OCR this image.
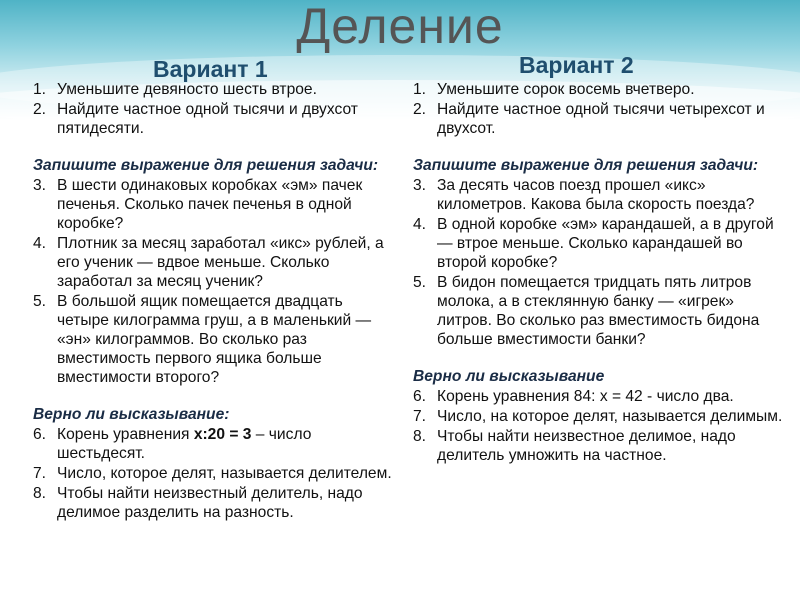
Деление
Вариант 1	Вариант 2
1. Уменьшите девяносто шесть втрое.
2. Найдите частное одной тысячи и двухсот пятидесяти.
Запишите выражение для решения задачи:
3. В шести одинаковых коробках «эм» пачек печенья. Сколько пачек печенья в одной коробке?
4. Плотник за месяц заработал «икс» рублей, а его ученик — вдвое меньше. Сколько заработал за месяц ученик?
5. В большой ящик помещается двадцать четыре килограмма груш, а в маленький — «эн» килограммов. Во сколько раз вместимость первого ящика больше вместимости второго?
Верно ли высказывание:
6. Корень уравнения x:20 = 3 – число шестьдесят.
7. Число, которое делят, называется делителем.
8. Чтобы найти неизвестный делитель, надо делимое разделить на разность.
1. Уменьшите сорок восемь вчетверо.
2. Найдите частное одной тысячи четырехсот и двухсот.
Запишите выражение для решения задачи:
3. За десять часов поезд прошел «икс» километров. Какова была скорость поезда?
4. В одной коробке «эм» карандашей, а в другой — втрое меньше. Сколько карандашей во второй коробке?
5. В бидон помещается тридцать пять литров молока, а в стеклянную банку — «игрек» литров. Во сколько раз вместимость бидона больше вместимости банки?
Верно ли высказывание
6. Корень уравнения 84: x = 42 - число два.
7. Число, на которое делят, называется делимым.
8. Чтобы найти неизвестное делимое, надо делитель умножить на частное.
